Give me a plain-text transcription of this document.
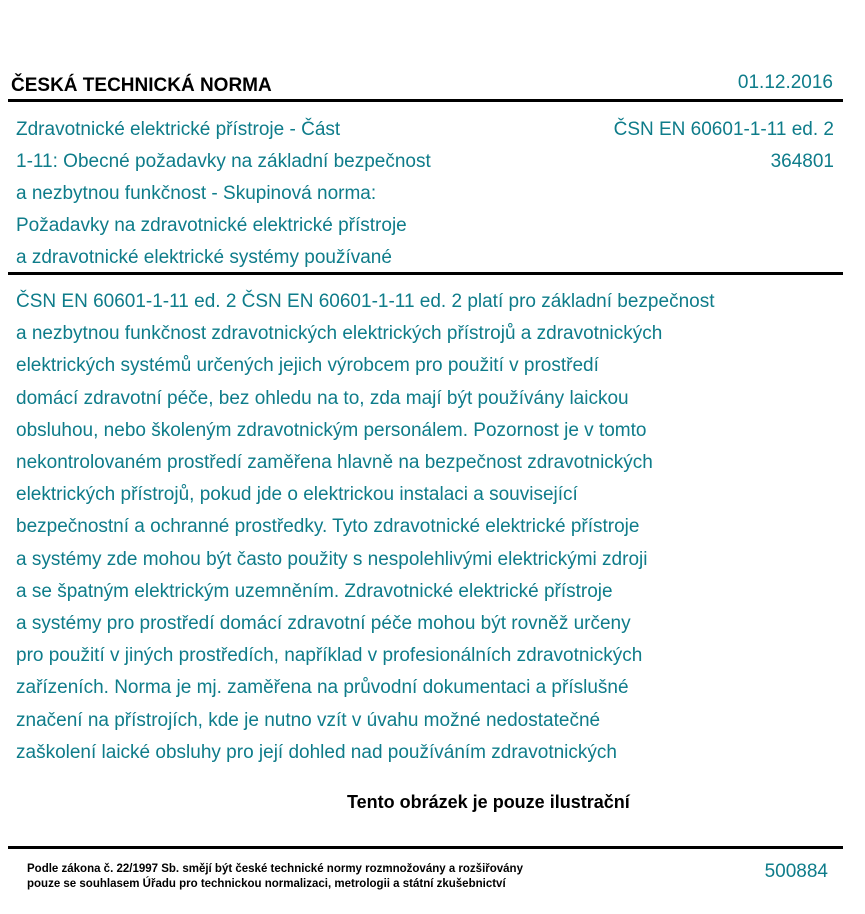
ČESKÁ TECHNICKÁ NORMA	01.12.2016
Zdravotnické elektrické přístroje - Část
1-11: Obecné požadavky na základní bezpečnost
a nezbytnou funkčnost - Skupinová norma:
Požadavky na zdravotnické elektrické přístroje
a zdravotnické elektrické systémy používané
ČSN EN 60601-1-11 ed. 2
364801
ČSN EN 60601-1-11 ed. 2 ČSN EN 60601-1-11 ed. 2 platí pro základní bezpečnost
a nezbytnou funkčnost zdravotnických elektrických přístrojů a zdravotnických
elektrických systémů určených jejich výrobcem pro použití v prostředí
domácí zdravotní péče, bez ohledu na to, zda mají být používány laickou
obsluhou, nebo školeným zdravotnickým personálem. Pozornost je v tomto
nekontrolovaném prostředí zaměřena hlavně na bezpečnost zdravotnických
elektrických přístrojů, pokud jde o elektrickou instalaci a související
bezpečnostní a ochranné prostředky. Tyto zdravotnické elektrické přístroje
a systémy zde mohou být často použity s nespolehlivými elektrickými zdroji
a se špatným elektrickým uzemněním. Zdravotnické elektrické přístroje
a systémy pro prostředí domácí zdravotní péče mohou být rovněž určeny
pro použití v jiných prostředích, například v profesionálních zdravotnických
zařízeních. Norma je mj. zaměřena na průvodní dokumentaci a příslušné
značení na přístrojích, kde je nutno vzít v úvahu možné nedostatečné
zaškolení laické obsluhy pro její dohled nad používáním zdravotnických
Tento obrázek je pouze ilustrační
Podle zákona č. 22/1997 Sb. smějí být české technické normy rozmnožovány a rozšiřovány
pouze se souhlasem Úřadu pro technickou normalizaci, metrologii a státní zkušebnictví
500884
